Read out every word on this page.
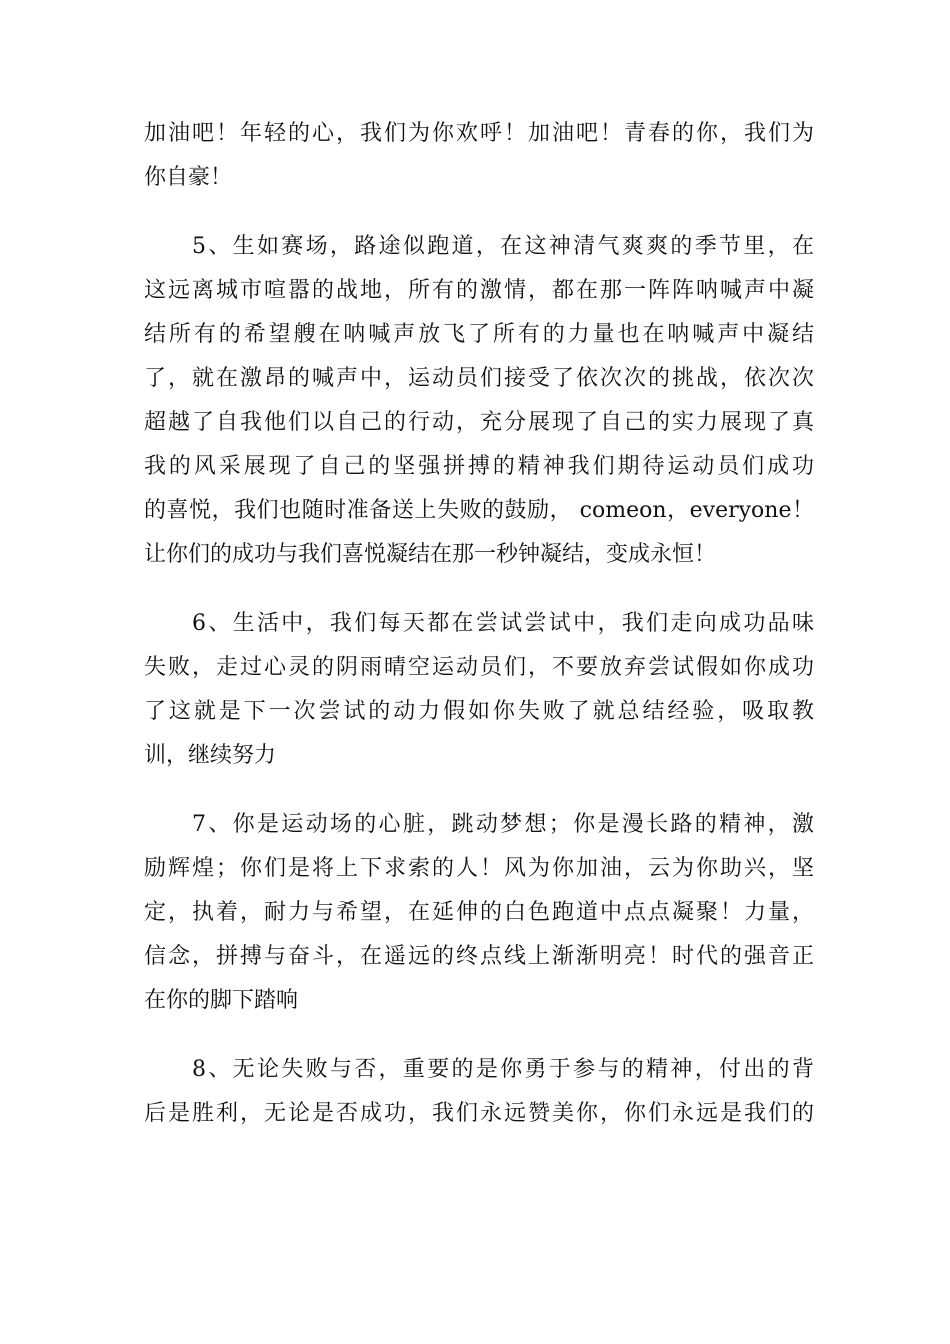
加油吧！年轻的心，我们为你欢呼！加油吧！青春的你，我们为
你自豪！
5、生如赛场，路途似跑道，在这神清气爽爽的季节里，在
这远离城市喧嚣的战地，所有的激情，都在那一阵阵呐喊声中凝
结所有的希望艘在呐喊声放飞了所有的力量也在呐喊声中凝结
了，就在激昂的喊声中，运动员们接受了依次次的挑战，依次次
超越了自我他们以自己的行动，充分展现了自己的实力展现了真
我的风采展现了自己的坚强拼搏的精神我们期待运动员们成功
的喜悦，我们也随时准备送上失败的鼓励， comeon，everyone！
让你们的成功与我们喜悦凝结在那一秒钟凝结，变成永恒！
6、生活中，我们每天都在尝试尝试中，我们走向成功品味
失败，走过心灵的阴雨晴空运动员们，不要放弃尝试假如你成功
了这就是下一次尝试的动力假如你失败了就总结经验，吸取教
训，继续努力
7、你是运动场的心脏，跳动梦想；你是漫长路的精神，激
励辉煌；你们是将上下求索的人！风为你加油，云为你助兴，坚
定，执着，耐力与希望，在延伸的白色跑道中点点凝聚！力量，
信念，拼搏与奋斗，在遥远的终点线上渐渐明亮！时代的强音正
在你的脚下踏响
8、无论失败与否，重要的是你勇于参与的精神，付出的背
后是胜利，无论是否成功，我们永远赞美你，你们永远是我们的
